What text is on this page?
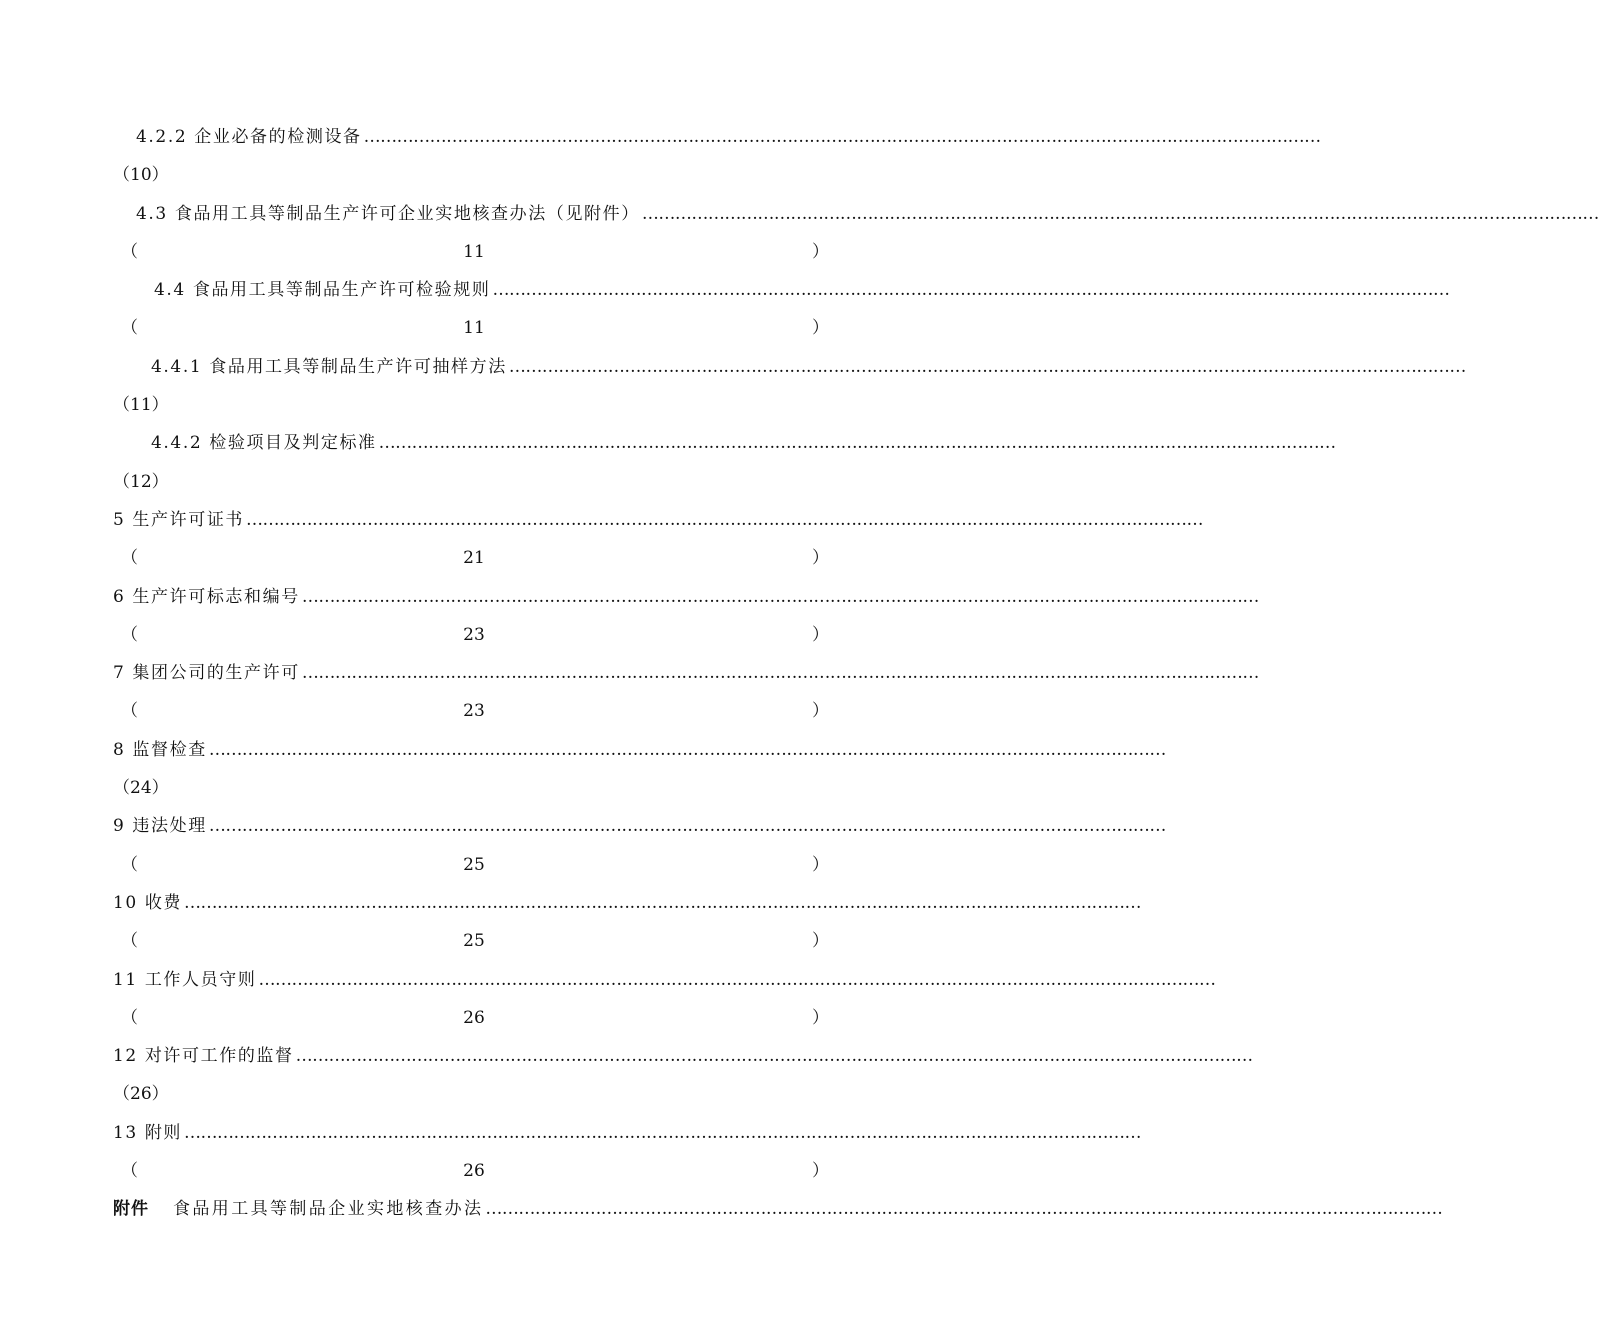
4.2.2 企业必备的检测设备 …………………………………………………………………………………………………………………………………………………………
（10）
4.3 食品用工具等制品生产许可企业实地核查办法（见附件） …………………………………………………………………………………………………………………………………………………………
（	11	）
4.4 食品用工具等制品生产许可检验规则 …………………………………………………………………………………………………………………………………………………………
（	11	）
4.4.1 食品用工具等制品生产许可抽样方法 …………………………………………………………………………………………………………………………………………………………
（11）
4.4.2 检验项目及判定标准 …………………………………………………………………………………………………………………………………………………………
（12）
5 生产许可证书 …………………………………………………………………………………………………………………………………………………………
（	21	）
6 生产许可标志和编号 …………………………………………………………………………………………………………………………………………………………
（	23	）
7 集团公司的生产许可 …………………………………………………………………………………………………………………………………………………………
（	23	）
8 监督检查 …………………………………………………………………………………………………………………………………………………………
（24）
9 违法处理 …………………………………………………………………………………………………………………………………………………………
（	25	）
10 收费 …………………………………………………………………………………………………………………………………………………………
（	25	）
11 工作人员守则 …………………………………………………………………………………………………………………………………………………………
（	26	）
12 对许可工作的监督 …………………………………………………………………………………………………………………………………………………………
（26）
13 附则 …………………………………………………………………………………………………………………………………………………………
（	26	）
附件 食品用工具等制品企业实地核查办法 …………………………………………………………………………………………………………………………………………………………
